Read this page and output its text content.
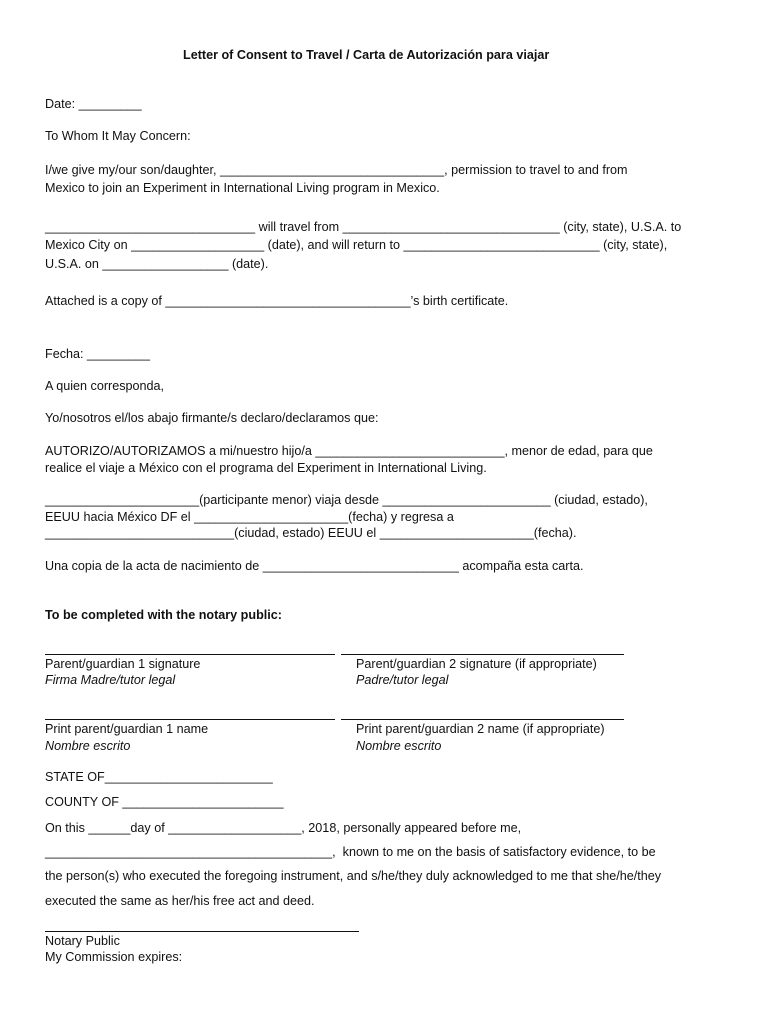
Letter of Consent to Travel / Carta de Autorización para viajar
Date: _________
To Whom It May Concern:
I/we give my/our son/daughter, ________________________________, permission to travel to and from
Mexico to join an Experiment in International Living program in Mexico.
______________________________ will travel from _______________________________ (city, state), U.S.A. to
Mexico City on ___________________ (date), and will return to ____________________________ (city, state),
U.S.A. on __________________ (date).
Attached is a copy of ___________________________________’s birth certificate.
Fecha: _________
A quien corresponda,
Yo/nosotros el/los abajo firmante/s declaro/declaramos que:
AUTORIZO/AUTORIZAMOS a mi/nuestro hijo/a ___________________________, menor de edad, para que
realice el viaje a México con el programa del Experiment in International Living.
______________________(participante menor) viaja desde ________________________ (ciudad, estado),
EEUU hacia México DF el ______________________(fecha) y regresa a
___________________________(ciudad, estado) EEUU el ______________________(fecha).
Una copia de la acta de nacimiento de ____________________________ acompaña esta carta.
To be completed with the notary public:
Parent/guardian 1 signature
Firma Madre/tutor legal
Parent/guardian 2 signature (if appropriate)
Padre/tutor legal
Print parent/guardian 1 name
Nombre escrito
Print parent/guardian 2 name (if appropriate)
Nombre escrito
STATE OF________________________
COUNTY OF _______________________
On this ______day of ___________________, 2018, personally appeared before me,
_________________________________________,  known to me on the basis of satisfactory evidence, to be
the person(s) who executed the foregoing instrument, and s/he/they duly acknowledged to me that she/he/they
executed the same as her/his free act and deed.
Notary Public
My Commission expires:
